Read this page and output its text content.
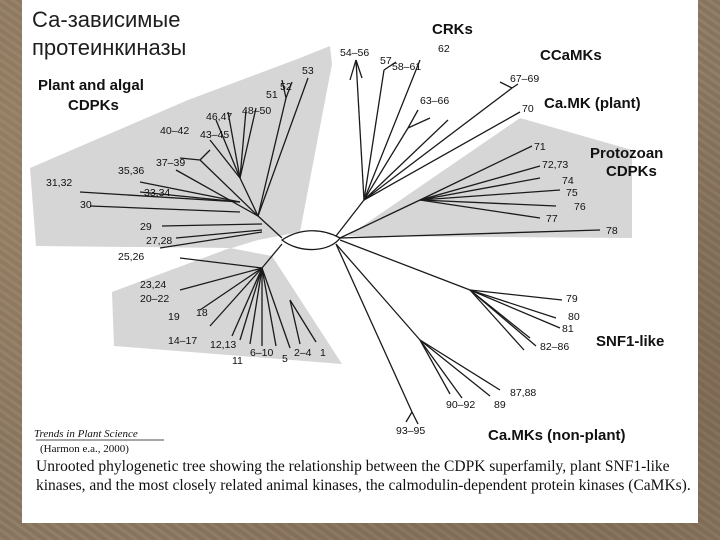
Са-зависимые
протеинкиназы
Plant and algal
CDPKs
CRKs
CCaMKs
Ca.MK (plant)
Protozoan
CDPKs
SNF1-like
Ca.MKs (non-plant)
1
2–4
5
6–10
11
12,13
14–17
18
19
20–22
23,24
25,26
27,28
29
30
31,32
33,34
35,36
37–39
40–42 43–45
46,47 48–50
51
52
53
54–56
57 58–61
62
63–66
67–69
70
71
72,73
74
75
76
77
78
79
80
81
82–86
87,88
89
90–92
93–95
Trends in Plant Science
(Harmon e.a., 2000)
Unrooted phylogenetic tree showing the relationship between the CDPK superfamily, plant SNF1-like kinases, and the most closely related animal kinases, the calmodulin-dependent protein kinases (CaMKs).
